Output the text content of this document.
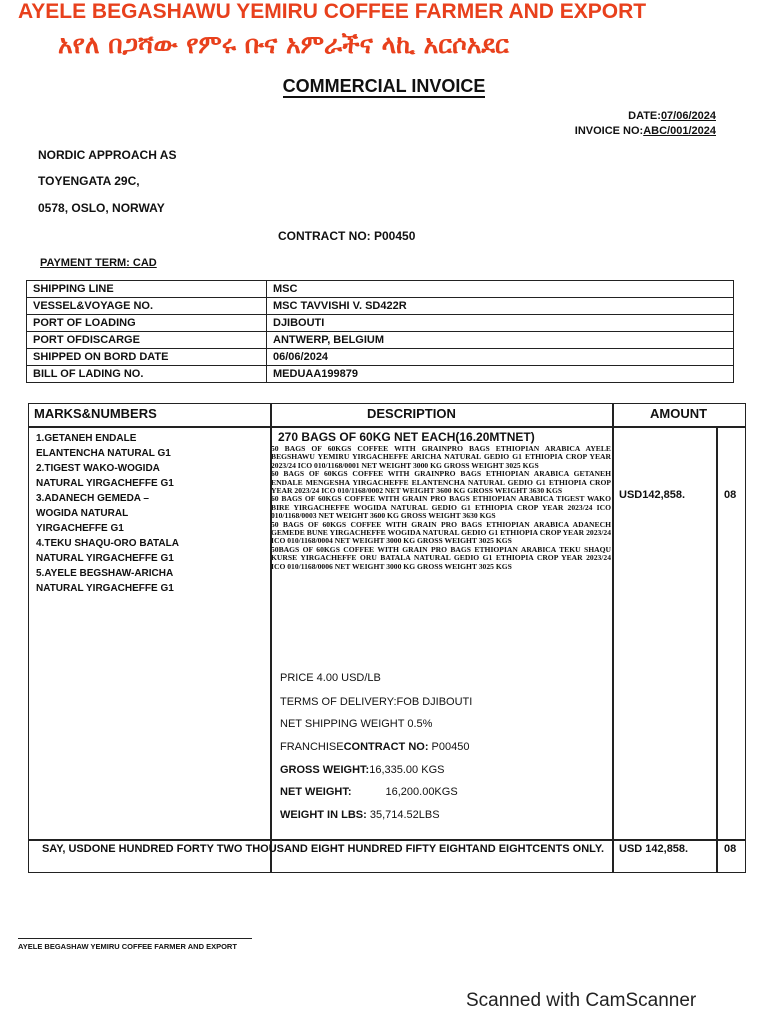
AYELE BEGASHAWU YEMIRU COFFEE FARMER AND EXPORT
አየለ በጋሻው የምሩ ቡና አምራችና ላኪ አርሶአደር
COMMERCIAL INVOICE
DATE:07/06/2024
INVOICE NO:ABC/001/2024
NORDIC APPROACH AS
TOYENGATA 29C,
0578, OSLO, NORWAY
CONTRACT NO: P00450
PAYMENT TERM: CAD
SHIPPING LINE	MSC
VESSEL&VOYAGE NO.	MSC TAVVISHI V. SD422R
PORT OF LOADING	DJIBOUTI
PORT OFDISCARGE	ANTWERP, BELGIUM
SHIPPED ON BORD DATE	06/06/2024
BILL OF LADING NO.	MEDUAA199879
MARKS&NUMBERS	DESCRIPTION	AMOUNT
1.GETANEH ENDALE
ELANTENCHA NATURAL G1
2.TIGEST WAKO-WOGIDA
NATURAL YIRGACHEFFE G1
3.ADANECH GEMEDA –
WOGIDA NATURAL
YIRGACHEFFE G1
4.TEKU SHAQU-ORO BATALA
NATURAL YIRGACHEFFE G1
5.AYELE BEGSHAW-ARICHA
NATURAL YIRGACHEFFE G1
270 BAGS OF 60KG NET EACH(16.20MTNET)

50 BAGS OF 60KGS COFFEE WITH GRAINPRO BAGS ETHIOPIAN ARABICA AYELE BEGSHAWU YEMIRU YIRGACHEFFE ARICHA NATURAL GEDIO G1 ETHIOPIA CROP YEAR 2023/24 ICO 010/1168/0001 NET WEIGHT 3000 KG GROSS WEIGHT 3025 KGS

60 BAGS OF 60KGS COFFEE WITH GRAINPRO BAGS ETHIOPIAN ARABICA GETANEH ENDALE MENGESHA YIRGACHEFFE ELANTENCHA NATURAL GEDIO G1 ETHIOPIA CROP YEAR 2023/24 ICO 010/1168/0002 NET WEIGHT 3600 KG GROSS WEIGHT 3630 KGS

60 BAGS OF 60KGS COFFEE WITH GRAIN PRO BAGS ETHIOPIAN ARABICA TIGEST WAKO BIRE YIRGACHEFFE WOGIDA NATURAL GEDIO G1 ETHIOPIA CROP YEAR 2023/24 ICO 010/1168/0003 NET WEIGHT 3600 KG GROSS WEIGHT 3630 KGS

50 BAGS OF 60KGS COFFEE WITH GRAIN PRO BAGS ETHIOPIAN ARABICA ADANECH GEMEDE BUNE YIRGACHEFFE WOGIDA NATURAL GEDIO G1 ETHIOPIA CROP YEAR 2023/24 ICO 010/1168/0004 NET WEIGHT 3000 KG GROSS WEIGHT 3025 KGS

50BAGS OF 60KGS COFFEE WITH GRAIN PRO BAGS ETHIOPIAN ARABICA TEKU SHAQU KURSE YIRGACHEFFE ORU BATALA NATURAL GEDIO G1 ETHIOPIA CROP YEAR 2023/24 ICO 010/1168/0006 NET WEIGHT 3000 KG GROSS WEIGHT 3025 KGS

PRICE 4.00 USD/LB
TERMS OF DELIVERY:FOB DJIBOUTI
NET SHIPPING WEIGHT 0.5%
FRANCHISECONTRACT NO: P00450
GROSS WEIGHT:16,335.00 KGS
NET WEIGHT:	16,200.00KGS
WEIGHT IN LBS: 35,714.52LBS
USD142,858.	08
SAY, USDONE HUNDRED FORTY TWO THOUSAND EIGHT HUNDRED FIFTY EIGHTAND EIGHTCENTS ONLY.	USD 142,858.	08
AYELE BEGASHAW YEMIRU COFFEE FARMER AND EXPORT
Scanned with CamScanner
